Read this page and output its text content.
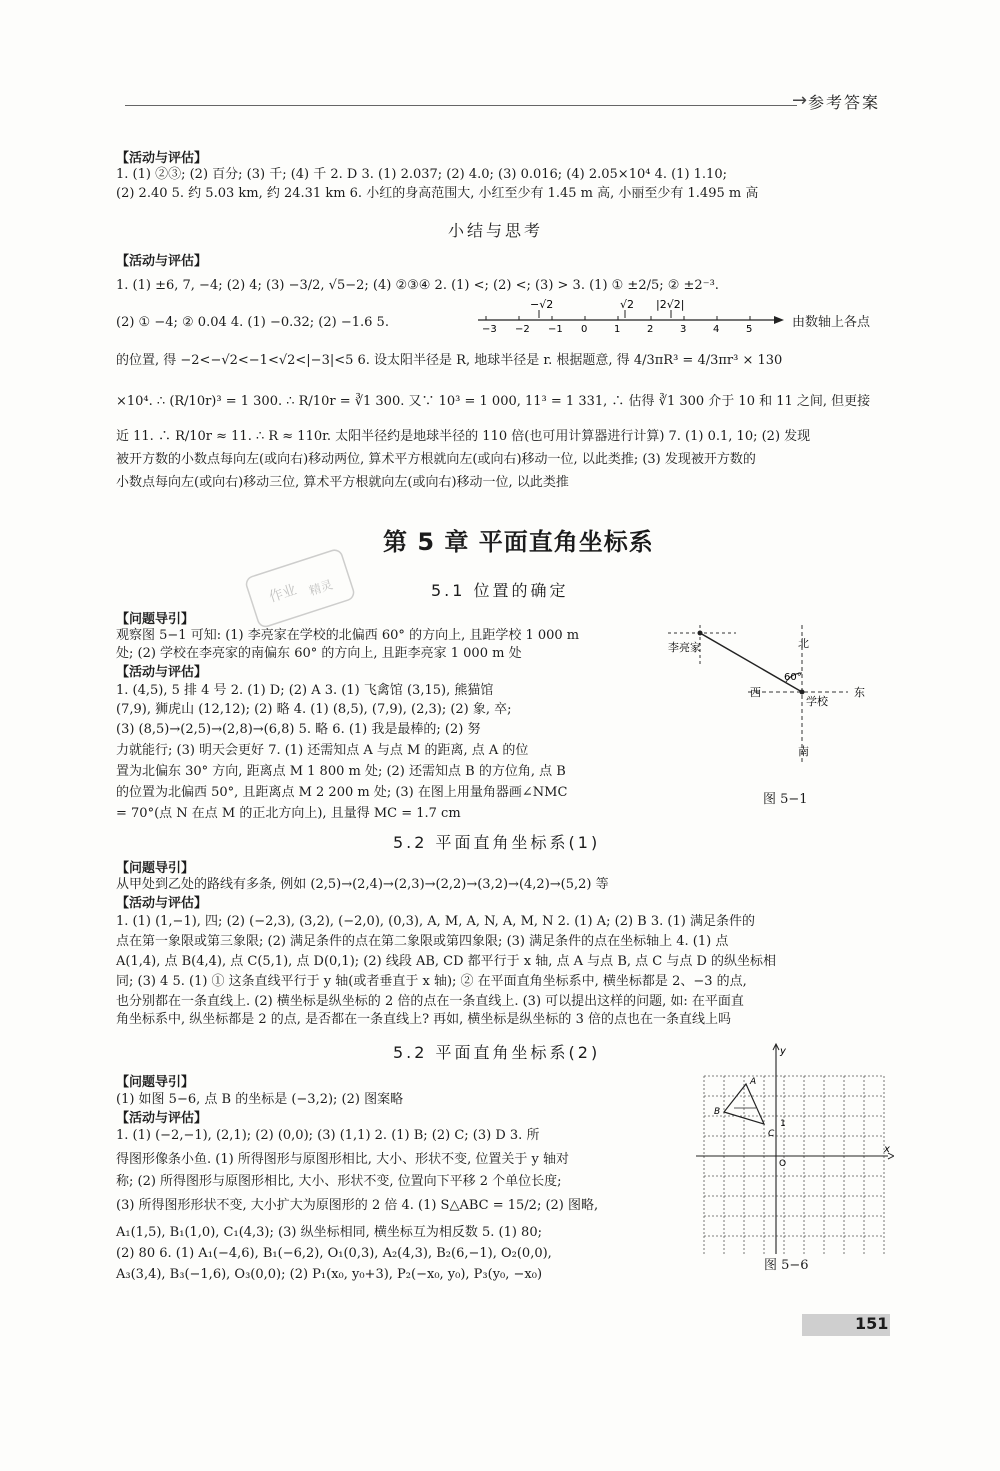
→ 参考答案
【活动与评估】
1. (1) ②③; (2) 百分; (3) 千; (4) 千 2. D 3. (1) 2.037; (2) 4.0; (3) 0.016; (4) 2.05×10⁴ 4. (1) 1.10;
(2) 2.40 5. 约 5.03 km, 约 24.31 km 6. 小红的身高范围大, 小红至少有 1.45 m 高, 小丽至少有 1.495 m 高
小结与思考
【活动与评估】
1. (1) ±6, 7, −4; (2) 4; (3) −3/2, √5−2; (4) ②③④ 2. (1) <; (2) <; (3) > 3. (1) ① ±2/5; ② ±2⁻³.
(2) ① −4; ② 0.04 4. (1) −0.32; (2) −1.6 5.	−3 −2 −1 0	1	2	3	4	5
−√2	√2 |2√2|
由数轴上各点
的位置, 得 −2<−√2<−1<√2<|−3|<5 6. 设太阳半径是 R, 地球半径是 r. 根据题意, 得 4/3πR³ = 4/3πr³ × 130
×10⁴. ∴ (R/10r)³ = 1 300. ∴ R/10r = ∛1 300. 又∵ 10³ = 1 000, 11³ = 1 331, ∴ 估得 ∛1 300 介于 10 和 11 之间, 但更接
近 11. ∴ R/10r ≈ 11. ∴ R ≈ 110r. 太阳半径约是地球半径的 110 倍(也可用计算器进行计算) 7. (1) 0.1, 10; (2) 发现
被开方数的小数点每向左(或向右)移动两位, 算术平方根就向左(或向右)移动一位, 以此类推; (3) 发现被开方数的
小数点每向左(或向右)移动三位, 算术平方根就向左(或向右)移动一位, 以此类推
第 5 章 平面直角坐标系
作业 精灵	5.1 位置的确定
【问题导引】
观察图 5−1 可知: (1) 李亮家在学校的北偏西 60° 的方向上, 且距学校 1 000 m
处; (2) 学校在李亮家的南偏东 60° 的方向上, 且距李亮家 1 000 m 处
【活动与评估】
1. (4,5), 5 排 4 号 2. (1) D; (2) A 3. (1) 飞禽馆 (3,15), 熊猫馆
(7,9), 狮虎山 (12,12); (2) 略 4. (1) (8,5), (7,9), (2,3); (2) 象, 卒;
(3) (8,5)→(2,5)→(2,8)→(6,8) 5. 略 6. (1) 我是最棒的; (2) 努
力就能行; (3) 明天会更好 7. (1) 还需知点 A 与点 M 的距离, 点 A 的位
置为北偏东 30° 方向, 距离点 M 1 800 m 处; (2) 还需知点 B 的方位角, 点 B
的位置为北偏西 50°, 且距离点 M 2 200 m 处; (3) 在图上用量角器画∠NMC
= 70°(点 N 在点 M 的正北方向上), 且量得 MC = 1.7 cm
北
南
西	东
李亮家
学校
60°
图 5−1
5.2 平面直角坐标系(1)
【问题导引】
从甲处到乙处的路线有多条, 例如 (2,5)→(2,4)→(2,3)→(2,2)→(3,2)→(4,2)→(5,2) 等
【活动与评估】
1. (1) (1,−1), 四; (2) (−2,3), (3,2), (−2,0), (0,3), A, M, A, N, A, M, N 2. (1) A; (2) B 3. (1) 满足条件的
点在第一象限或第三象限; (2) 满足条件的点在第二象限或第四象限; (3) 满足条件的点在坐标轴上 4. (1) 点
A(1,4), 点 B(4,4), 点 C(5,1), 点 D(0,1); (2) 线段 AB, CD 都平行于 x 轴, 点 A 与点 B, 点 C 与点 D 的纵坐标相
同; (3) 4 5. (1) ① 这条直线平行于 y 轴(或者垂直于 x 轴); ② 在平面直角坐标系中, 横坐标都是 2、−3 的点,
也分别都在一条直线上. (2) 横坐标是纵坐标的 2 倍的点在一条直线上. (3) 可以提出这样的问题, 如: 在平面直
角坐标系中, 纵坐标都是 2 的点, 是否都在一条直线上? 再如, 横坐标是纵坐标的 3 倍的点也在一条直线上吗
5.2 平面直角坐标系(2)
【问题导引】
(1) 如图 5−6, 点 B 的坐标是 (−3,2); (2) 图案略
【活动与评估】
1. (1) (−2,−1), (2,1); (2) (0,0); (3) (1,1) 2. (1) B; (2) C; (3) D 3. 所
得图形像条小鱼. (1) 所得图形与原图形相比, 大小、形状不变, 位置关于 y 轴对
称; (2) 所得图形与原图形相比, 大小、形状不变, 位置向下平移 2 个单位长度;
(3) 所得图形形状不变, 大小扩大为原图形的 2 倍 4. (1) S△ABC = 15/2; (2) 图略,
A₁(1,5), B₁(1,0), C₁(4,3); (3) 纵坐标相同, 横坐标互为相反数 5. (1) 80;
(2) 80 6. (1) A₁(−4,6), B₁(−6,2), O₁(0,3), A₂(4,3), B₂(6,−1), O₂(0,0),
A₃(3,4), B₃(−1,6), O₃(0,0); (2) P₁(x₀, y₀+3), P₂(−x₀, y₀), P₃(y₀, −x₀)
y
x
O
A
B
C
1
图 5−6
151
